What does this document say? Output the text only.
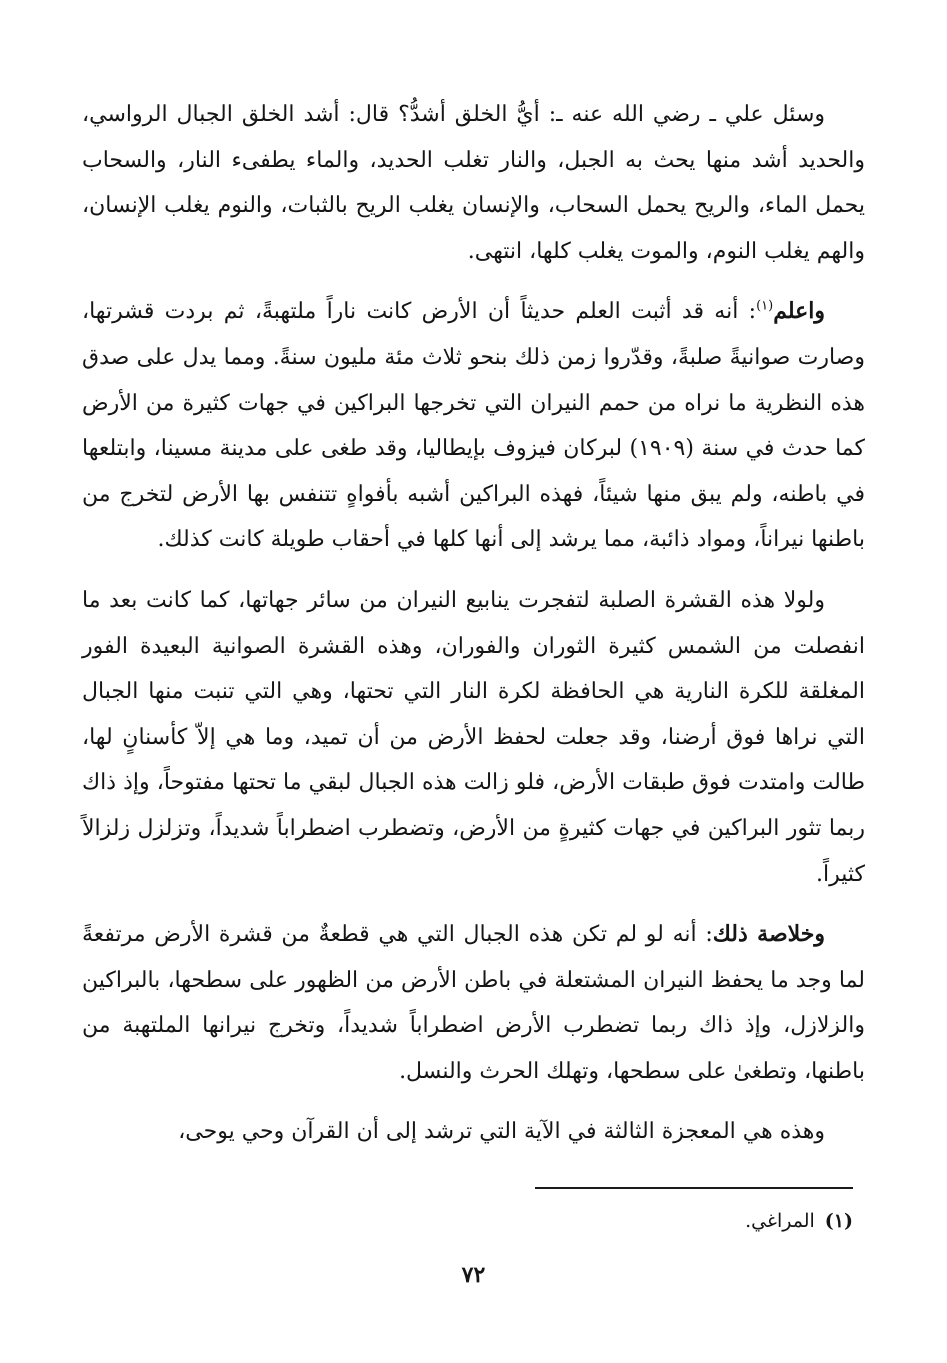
وسئل علي ـ رضي الله عنه ـ: أيُّ الخلق أشدُّ؟ قال: أشد الخلق الجبال الرواسي، والحديد أشد منها يحث به الجبل، والنار تغلب الحديد، والماء يطفىء النار، والسحاب يحمل الماء، والريح يحمل السحاب، والإنسان يغلب الريح بالثبات، والنوم يغلب الإنسان، والهم يغلب النوم، والموت يغلب كلها، انتهى.

واعلم$^{(١)}$: أنه قد أثبت العلم حديثاً أن الأرض كانت ناراً ملتهبةً، ثم بردت قشرتها، وصارت صوانيةً صلبةً، وقدّروا زمن ذلك بنحو ثلاث مئة مليون سنةً. ومما يدل على صدق هذه النظرية ما نراه من حمم النيران التي تخرجها البراكين في جهات كثيرة من الأرض كما حدث في سنة (١٩٠٩) لبركان فيزوف بإيطاليا، وقد طغى على مدينة مسينا، وابتلعها في باطنه، ولم يبق منها شيئاً، فهذه البراكين أشبه بأفواهٍ تتنفس بها الأرض لتخرج من باطنها نيراناً، ومواد ذائبة، مما يرشد إلى أنها كلها في أحقاب طويلة كانت كذلك.

ولولا هذه القشرة الصلبة لتفجرت ينابيع النيران من سائر جهاتها، كما كانت بعد ما انفصلت من الشمس كثيرة الثوران والفوران، وهذه القشرة الصوانية البعيدة الفور المغلقة للكرة النارية هي الحافظة لكرة النار التي تحتها، وهي التي تنبت منها الجبال التي نراها فوق أرضنا، وقد جعلت لحفظ الأرض من أن تميد، وما هي إلاّ كأسنانٍ لها، طالت وامتدت فوق طبقات الأرض، فلو زالت هذه الجبال لبقي ما تحتها مفتوحاً، وإذ ذاك ربما تثور البراكين في جهات كثيرةٍ من الأرض، وتضطرب اضطراباً شديداً، وتزلزل زلزالاً كثيراً.

وخلاصة ذلك: أنه لو لم تكن هذه الجبال التي هي قطعةٌ من قشرة الأرض مرتفعةً لما وجد ما يحفظ النيران المشتعلة في باطن الأرض من الظهور على سطحها، بالبراكين والزلازل، وإذ ذاك ربما تضطرب الأرض اضطراباً شديداً، وتخرج نيرانها الملتهبة من باطنها، وتطغىٰ على سطحها، وتهلك الحرث والنسل.

وهذه هي المعجزة الثالثة في الآية التي ترشد إلى أن القرآن وحي يوحى،

(١)المراغي.
٧٢
